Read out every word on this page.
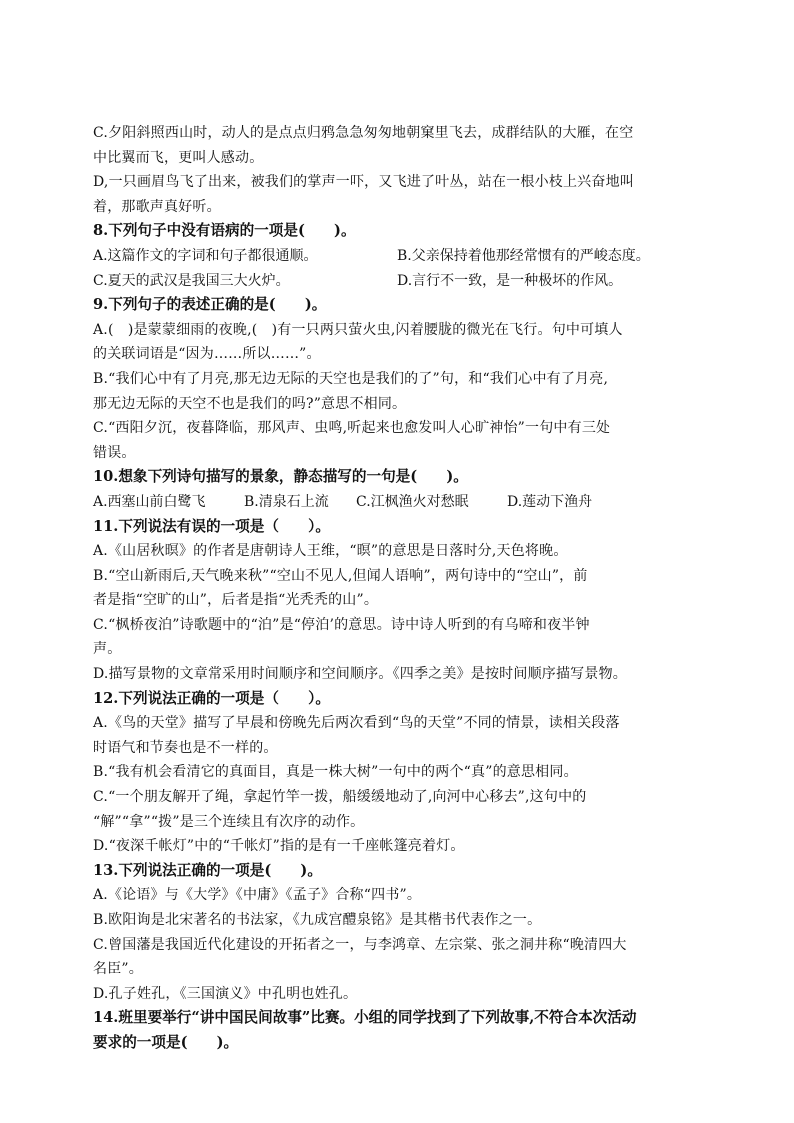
C.夕阳斜照西山时，动人的是点点归鸦急急匆匆地朝窠里飞去，成群结队的大雁，在空

中比翼而飞，更叫人感动。

D,一只画眉鸟飞了出来，被我们的掌声一吓，又飞进了叶丛，站在一根小枝上兴奋地叫

着，那歌声真好听。

8.下列句子中没有语病的一项是(　　)。

A.这篇作文的字词和句子都很通顺。	B.父亲保持着他那经常惯有的严峻态度。
C.夏天的武汉是我国三大火炉。	D.言行不一致，是一种极坏的作风。

9.下列句子的表述正确的是(　　)。

A.(　)是蒙蒙细雨的夜晚,(　)有一只两只萤火虫,闪着腰胧的微光在飞行。句中可填人

的关联词语是“因为……所以……”。

B.“我们心中有了月亮,那无边无际的天空也是我们的了”句，和“我们心中有了月亮,

那无边无际的天空不也是我们的吗?”意思不相同。

C.“西阳夕沉，夜暮降临，那风声、虫鸣,听起来也愈发叫人心旷神怡”一句中有三处

错误。

10.想象下列诗句描写的景象，静态描写的一句是(　　)。

A.西塞山前白鹭飞	B.清泉石上流	C.江枫渔火对愁眠	D.莲动下渔舟

11.下列说法有误的一项是（　　）。

A.《山居秋暝》的作者是唐朝诗人王维，“暝”的意思是日落时分,天色将晚。

B.“空山新雨后,天气晚来秋”“空山不见人,但闻人语响”，两句诗中的“空山”，前

者是指“空旷的山”，后者是指“光秃秃的山”。

C.“枫桥夜泊”诗歌题中的“泊”是“停泊’的意思。诗中诗人听到的有乌啼和夜半钟

声。

D.描写景物的文章常采用时间顺序和空间顺序。《四季之美》是按时间顺序描写景物。

12.下列说法正确的一项是（　　）。

A.《鸟的天堂》描写了早晨和傍晚先后两次看到“鸟的天堂”不同的情景，读相关段落

时语气和节奏也是不一样的。

B.“我有机会看清它的真面目，真是一株大树”一句中的两个“真”的意思相同。

C.“一个朋友解开了绳，拿起竹竿一拨，船缓缓地动了,向河中心移去”,这句中的

“解”“拿”“拨”是三个连续且有次序的动作。

D.“夜深千帐灯”中的“千帐灯”指的是有一千座帐篷亮着灯。

13.下列说法正确的一项是(　　)。

A.《论语》与《大学》《中庸》《孟子》合称“四书”。

B.欧阳询是北宋著名的书法家，《九成宫醴泉铭》是其楷书代表作之一。

C.曾国藩是我国近代化建设的开拓者之一，与李鸿章、左宗棠、张之洞井称“晚清四大

名臣”。

D.孔子姓孔，《三国演义》中孔明也姓孔。

14.班里要举行“讲中国民间故事”比赛。小组的同学找到了下列故事,不符合本次活动

要求的一项是(　　)。
